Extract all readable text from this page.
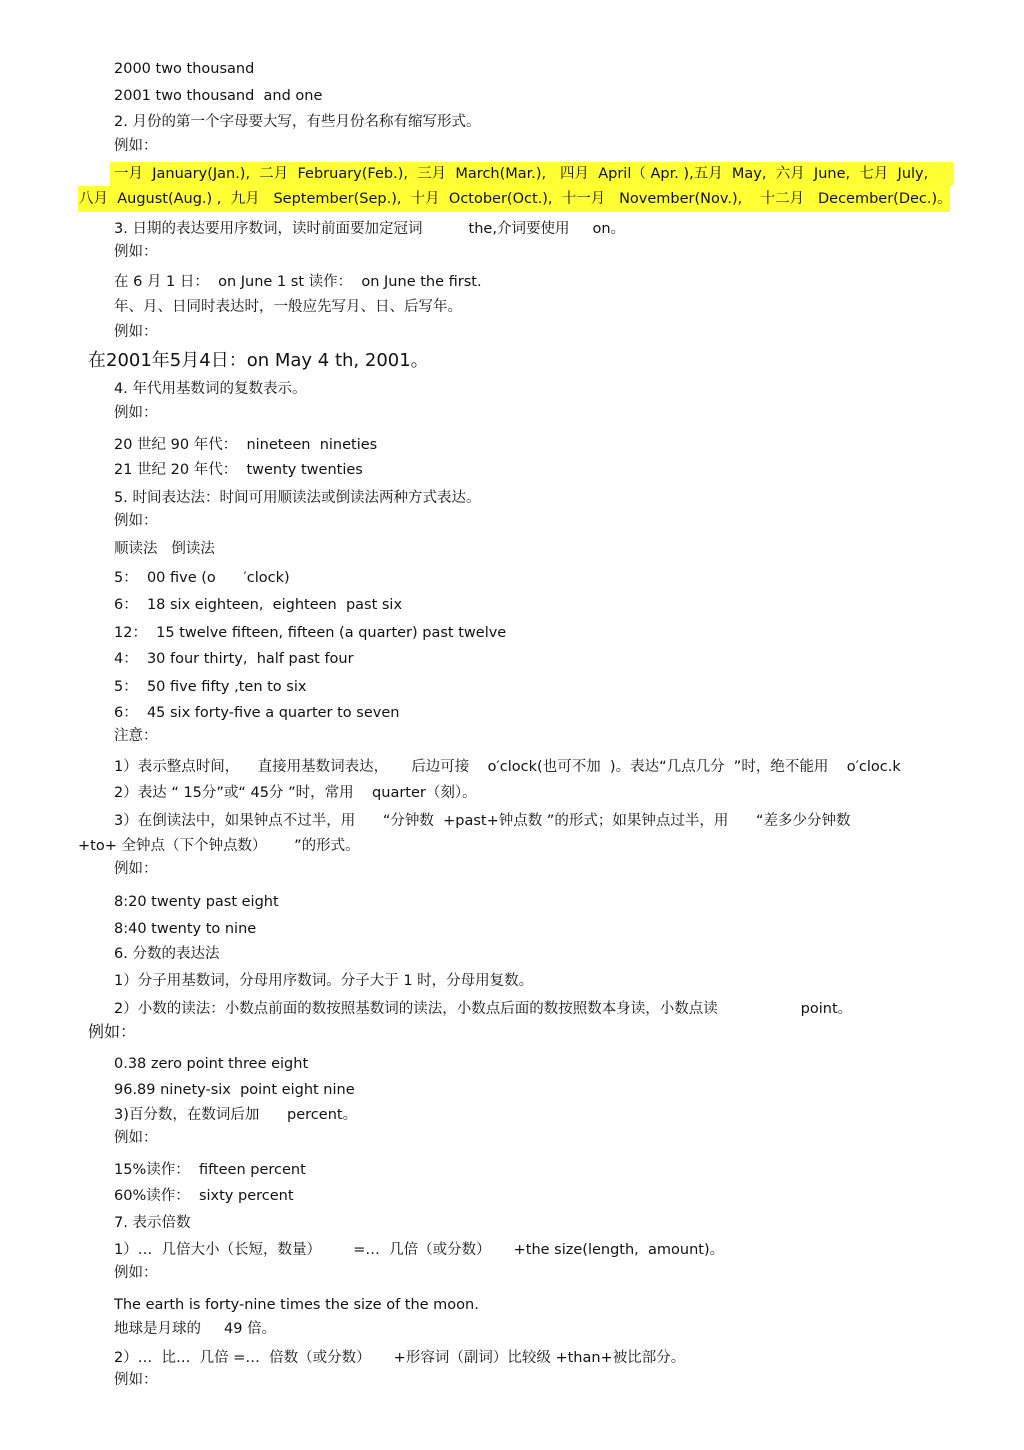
2000 two thousand
2001 two thousand  and one
2. 月份的第一个字母要大写，有些月份名称有缩写形式。
例如：
一月  January(Jan.),  二月  February(Feb.),  三月  March(Mar.),   四月  April（ Apr. ),五月  May,  六月  June,  七月  July,
八月  August(Aug.) ,  九月   September(Sep.),  十月  October(Oct.),  十一月   November(Nov.),    十二月   December(Dec.)。
3. 日期的表达要用序数词，读时前面要加定冠词          the,介词要使用     on。
例如：
在 6 月 1 日：  on June 1 st 读作：  on June the first.
年、月、日同时表达时，一般应先写月、日、后写年。
例如：
在2001年5月4日：on May 4 th, 2001。
4. 年代用基数词的复数表示。
例如：
20 世纪 90 年代：  nineteen  nineties
21 世纪 20 年代：  twenty twenties
5. 时间表达法：时间可用顺读法或倒读法两种方式表达。
例如：
顺读法   倒读法
5：  00 five (o      ′clock)
6：  18 six eighteen,  eighteen  past six
12：  15 twelve fifteen, fifteen (a quarter) past twelve
4：  30 four thirty,  half past four
5：  50 five fifty ,ten to six
6：  45 six forty-five a quarter to seven
注意：
1）表示整点时间，    直接用基数词表达，     后边可接    o′clock(也可不加  )。表达“几点几分  ”时，绝不能用    o′cloc.k
2）表达 “ 15分”或“ 45分 ”时，常用    quarter（刻）。
3）在倒读法中，如果钟点不过半，用      “分钟数  +past+钟点数 ”的形式；如果钟点过半，用      “差多少分钟数
+to+ 全钟点（下个钟点数）      ”的形式。
例如：
8:20 twenty past eight
8:40 twenty to nine
6. 分数的表达法
1）分子用基数词，分母用序数词。分子大于 1 时，分母用复数。
2）小数的读法：小数点前面的数按照基数词的读法，小数点后面的数按照数本身读，小数点读                  point。
例如：
0.38 zero point three eight
96.89 ninety-six  point eight nine
3)百分数，在数词后加      percent。
例如：
15%读作：  fifteen percent
60%读作：  sixty percent
7. 表示倍数
1）…  几倍大小（长短，数量）       =…  几倍（或分数）     +the size(length,  amount)。
例如：
The earth is forty-nine times the size of the moon.
地球是月球的     49 倍。
2）…  比…  几倍 =…  倍数（或分数）     +形容词（副词）比较级 +than+被比部分。
例如：
